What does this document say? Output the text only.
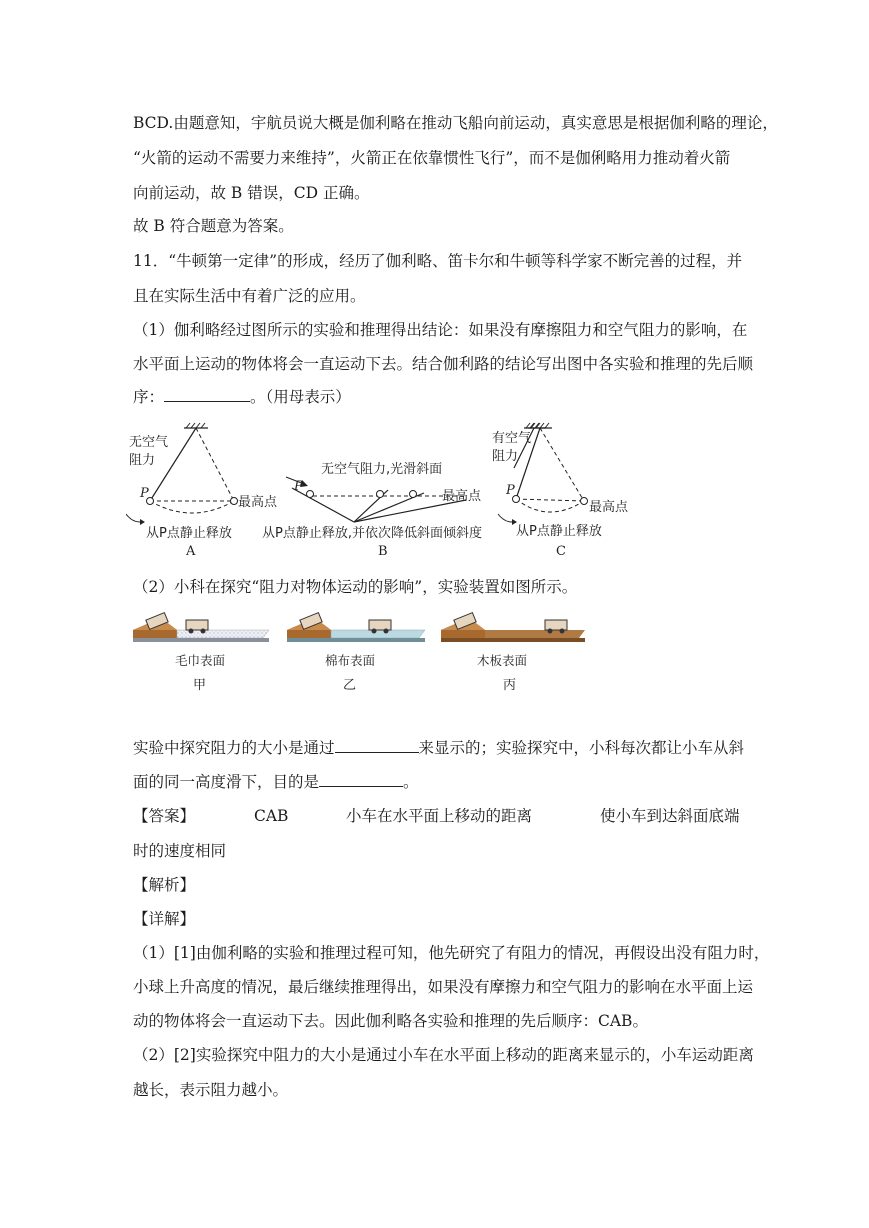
BCD.由题意知，宇航员说大概是伽利略在推动飞船向前运动，真实意思是根据伽利略的理论，
“火箭的运动不需要力来维持”，火箭正在依靠惯性飞行”，而不是伽俐略用力推动着火箭
向前运动，故 B 错误，CD 正确。
故 B 符合题意为答案。
11．“牛顿第一定律”的形成，经历了伽利略、笛卡尔和牛顿等科学家不断完善的过程，并
且在实际生活中有着广泛的应用。
（1）伽利略经过图所示的实验和推理得出结论：如果没有摩擦阻力和空气阻力的影响，在
水平面上运动的物体将会一直运动下去。结合伽利路的结论写出图中各实验和推理的先后顺
序：	。（用母表示）
无空气
阻力
P
最高点
从P点静止释放
A
无空气阻力,光滑斜面
P
最高点
从P点静止释放,并依次降低斜面倾斜度
B
有空气
阻力
P
最高点
从P点静止释放
C
（2）小科在探究“阻力对物体运动的影响”，实验装置如图所示。
毛巾表面
甲
棉布表面
乙
木板表面
丙
实验中探究阻力的大小是通过	来显示的；实验探究中，小科每次都让小车从斜
面的同一高度滑下，目的是	。
【答案】	CAB	小车在水平面上移动的距离	使小车到达斜面底端
时的速度相同
【解析】
【详解】
（1）[1]由伽利略的实验和推理过程可知，他先研究了有阻力的情况，再假设出没有阻力时，
小球上升高度的情况，最后继续推理得出，如果没有摩擦力和空气阻力的影响在水平面上运
动的物体将会一直运动下去。因此伽利略各实验和推理的先后顺序：CAB。
（2）[2]实验探究中阻力的大小是通过小车在水平面上移动的距离来显示的，小车运动距离
越长，表示阻力越小。
